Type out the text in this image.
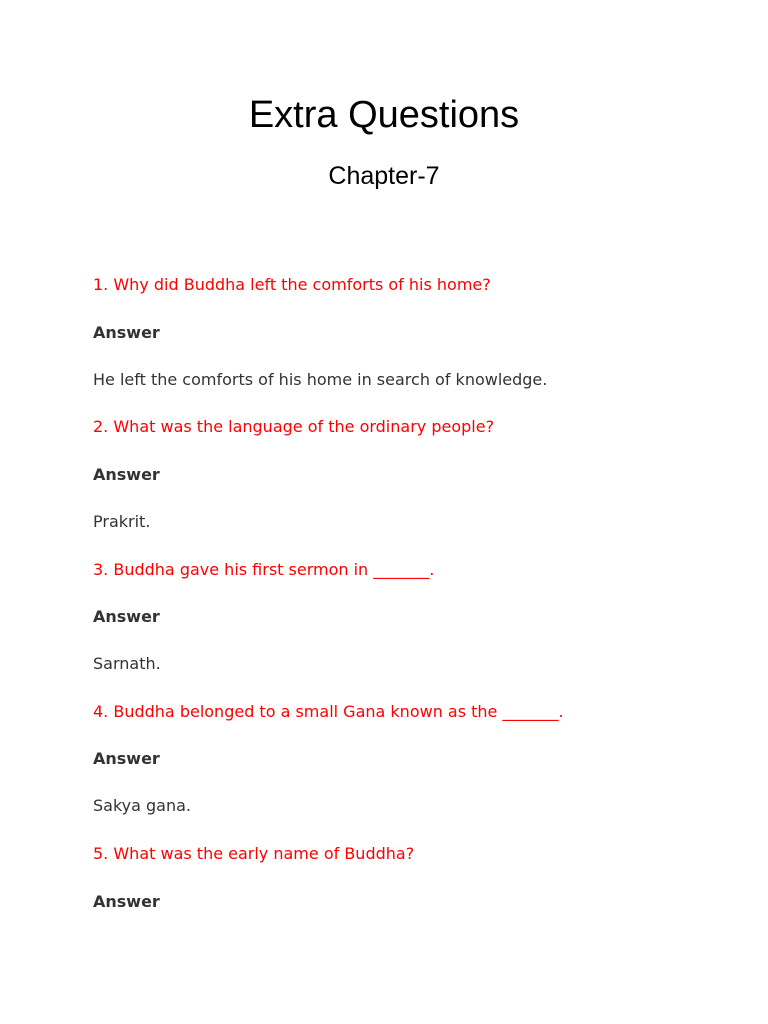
Extra Questions
Chapter-7

1. Why did Buddha left the comforts of his home?

Answer

He left the comforts of his home in search of knowledge.

2. What was the language of the ordinary people?

Answer

Prakrit.

3. Buddha gave his first sermon in _______.

Answer

Sarnath.

4. Buddha belonged to a small Gana known as the _______.

Answer

Sakya gana.

5. What was the early name of Buddha?

Answer
